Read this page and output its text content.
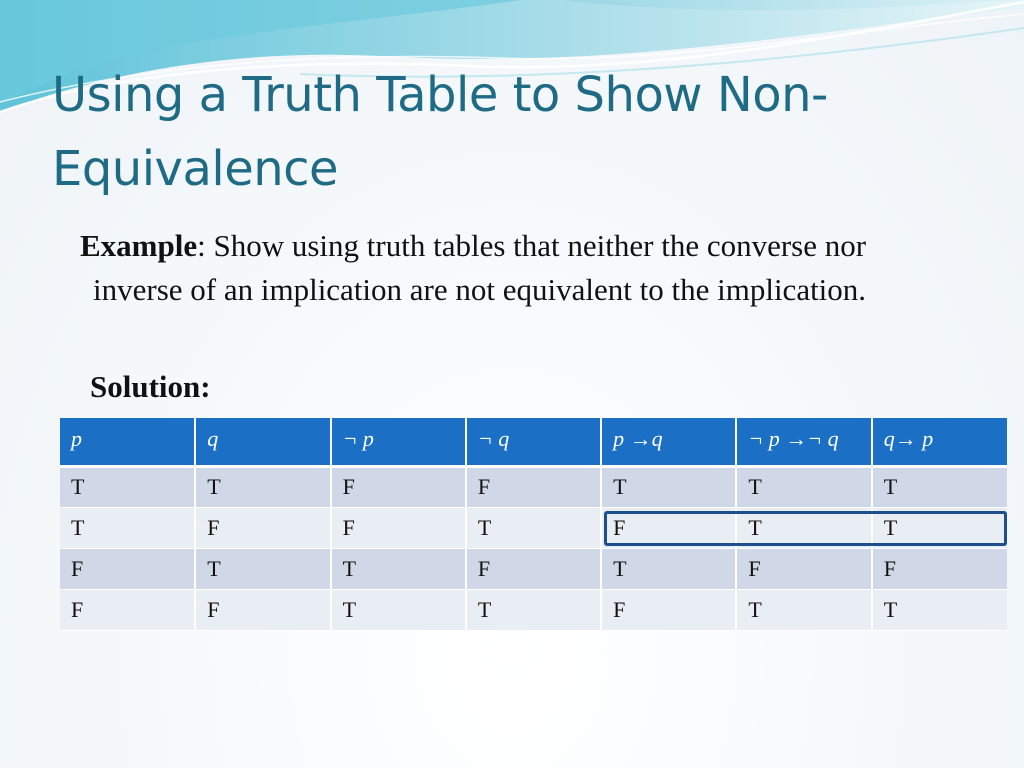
Using a Truth Table to Show Non-Equivalence

Example: Show using truth tables that neither the converse nor inverse of an implication are not equivalent to the implication.

Solution:

p	q	¬ p	¬ q	p →q	¬ p →¬ q	q→ p
T	T	F	F	T	T	T
T	F	F	T	F	T	T
F	T	T	F	T	F	F
F	F	T	T	F	T	T
